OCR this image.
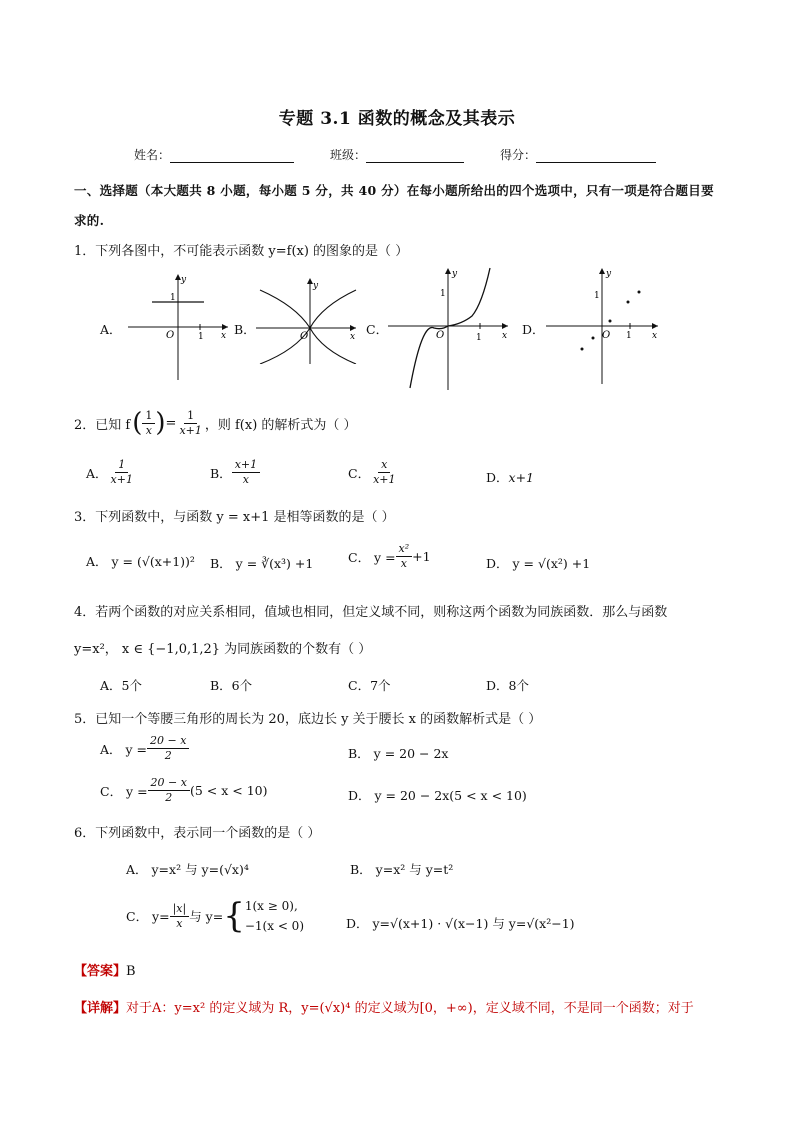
专题 3.1 函数的概念及其表示
姓名：	班级：	得分：
一、选择题（本大题共 8 小题，每小题 5 分，共 40 分）在每小题所给出的四个选项中，只有一项是符合题目要求的.
1．下列各图中，不可能表示函数 y=f(x) 的图象的是（ ）
A．
y
1
O	1 x B．
y
O	x C．
y
1
O	1 x D．
y
1
O 1 x
2．已知 f ( $\frac{1}{x}$ ) = $\frac{1}{x+1}$ ，则 f(x) 的解析式为（ ）
A． $\frac{1}{x+1}$	B． $\frac{x+1}{x}$	C． $\frac{x}{x+1}$	D．x+1
3．下列函数中，与函数 y = x+1 是相等函数的是（ ）
A． y = (√(x+1))² B． y = ∛(x³) +1	C． $y = \frac{\text{x²}}{x} +1$	D． y = √(x²) +1
4．若两个函数的对应关系相同，值域也相同，但定义域不同，则称这两个函数为同族函数．那么与函数
y=x²， x ∈ {−1,0,1,2} 为同族函数的个数有（ ）
A．5个	B．6个	C．7个	D．8个
5．已知一个等腰三角形的周长为 20，底边长 y 关于腰长 x 的函数解析式是（ ）
A． $y = \frac{20 - x}{2}$	B． y = 20 − 2x
C． $y = \frac{20 - x}{2} (5 < x < 10)$	D． y = 20 − 2x(5 < x < 10)
6．下列函数中，表示同一个函数的是（ ）
A． y=x² 与 y=(√x)⁴	B． y=x² 与 y=t²
C． $y= \frac{|x|}{x}$ 与 y= { 1(x ≥ 0),
−1(x < 0)	D． y=√(x+1) · √(x−1) 与 y=√(x²−1)
【答案】B
【详解】对于A：y=x² 的定义域为 R，y=(√x)⁴ 的定义域为[0，+∞)，定义域不同，不是同一个函数；对于
